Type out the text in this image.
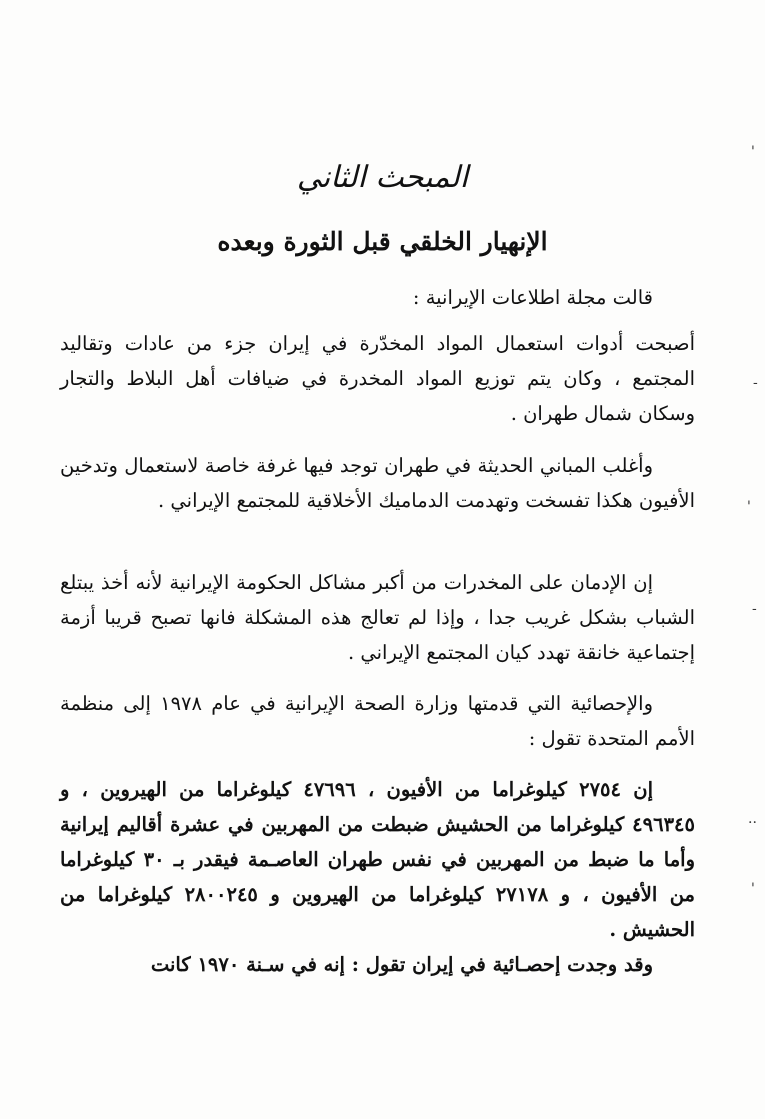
المبحث الثاني
الإنهيار الخلقي قبل الثورة وبعده

قالت مجلة اطلاعات الإيرانية :

أصبحت أدوات استعمال المواد المخدّرة في إيران جزء من عادات وتقاليد المجتمع ، وكان يتم توزيع المواد المخدرة في ضيافات أهل البلاط والتجار وسكان شمال طهران .

وأغلب المباني الحديثة في طهران توجد فيها غرفة خاصة لاستعمال وتدخين الأفيون هكذا تفسخت وتهدمت الدماميك الأخلاقية للمجتمع الإيراني .

إن الإدمان على المخدرات من أكبر مشاكل الحكومة الإيرانية لأنه أخذ يبتلع الشباب بشكل غريب جدا ، وإذا لم تعالج هذه المشكلة فانها تصبح قريبا أزمة إجتماعية خانقة تهدد كيان المجتمع الإيراني .

والإحصائية التي قدمتها وزارة الصحة الإيرانية في عام ١٩٧٨ إلى منظمة الأمم المتحدة تقول :

إن ٢٧٥٤ كيلوغراما من الأفيون ، ٤٧٦٩٦ كيلوغراما من الهيروين ، و ٤٩٦٣٤٥ كيلوغراما من الحشيش ضبطت من المهربين في عشرة أقاليم إيرانية وأما ما ضبط من المهربين في نفس طهران العاصـمة فيقدر بـ ٣٠ كيلوغراما من الأفيون ، و ٢٧١٧٨ كيلوغراما من الهيروين و ٢٨٠٠٢٤٥ كيلوغراما من الحشيش .

وقد وجدت إحصـائية في إيران تقول : إنه في سـنة ١٩٧٠ كانت

'
-
'
-
..
'
